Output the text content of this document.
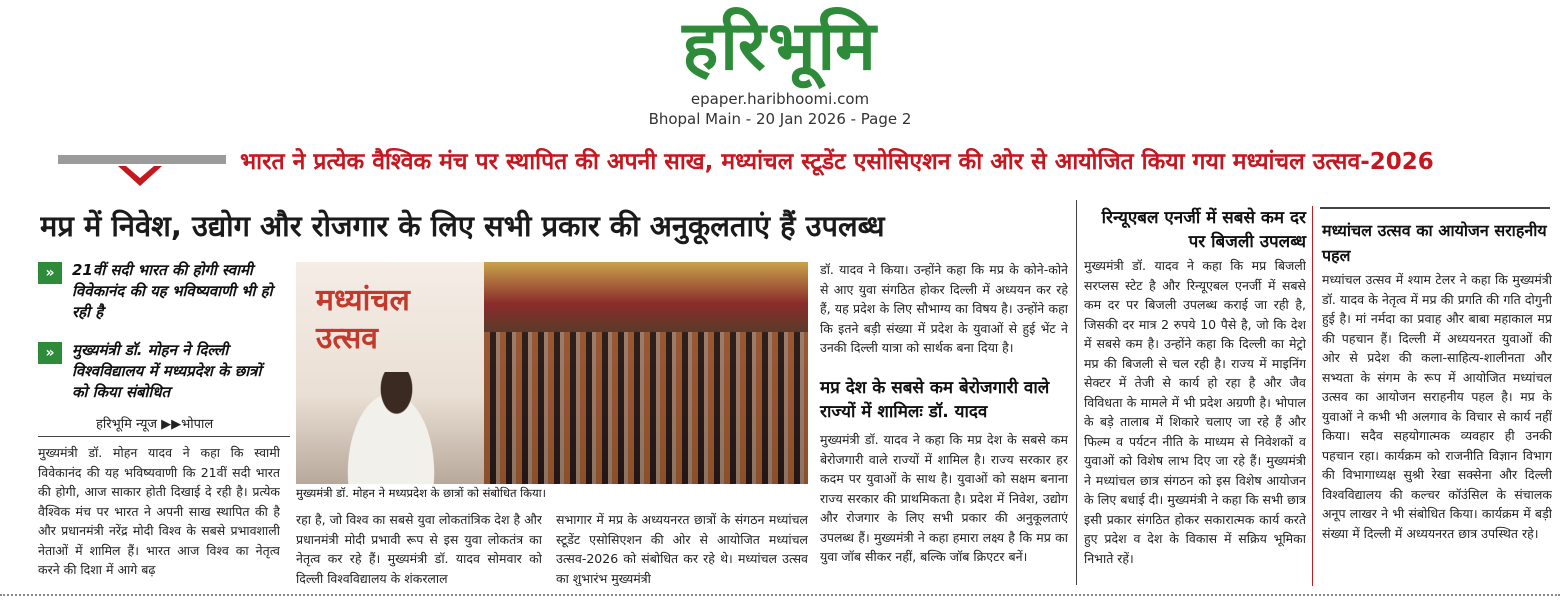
हरिभूमि
epaper.haribhoomi.com
Bhopal Main - 20 Jan 2026 - Page 2
भारत ने प्रत्येक वैश्विक मंच पर स्थापित की अपनी साख, मध्यांचल स्टूडेंट एसोसिएशन की ओर से आयोजित किया गया मध्यांचल उत्सव-2026
मप्र में निवेश, उद्योग और रोजगार के लिए सभी प्रकार की अनुकूलताएं हैं उपलब्ध
»	21वीं सदी भारत की होगी स्वामी विवेकानंद की यह भविष्यवाणी भी हो रही है
»	मुख्यमंत्री डॉ. मोहन ने दिल्ली विश्वविद्यालय में मध्यप्रदेश के छात्रों को किया संबोधित
हरिभूमि न्यूज ▶▶भोपाल
मध्यांचल उत्सव
मुख्यमंत्री डॉ. मोहन ने मध्यप्रदेश के छात्रों को संबोधित किया।
मुख्यमंत्री डॉ. मोहन यादव ने कहा कि स्वामी विवेकानंद की यह भविष्यवाणी कि 21वीं सदी भारत की होगी, आज साकार होती दिखाई दे रही है। प्रत्येक वैश्विक मंच पर भारत ने अपनी साख स्थापित की है और प्रधानमंत्री नरेंद्र मोदी विश्व के सबसे प्रभावशाली नेताओं में शामिल हैं। भारत आज विश्व का नेतृत्व करने की दिशा में आगे बढ़
रहा है, जो विश्व का सबसे युवा लोकतांत्रिक देश है और प्रधानमंत्री मोदी प्रभावी रूप से इस युवा लोकतंत्र का नेतृत्व कर रहे हैं। मुख्यमंत्री डॉ. यादव सोमवार को दिल्ली विश्वविद्यालय के शंकरलाल
सभागार में मप्र के अध्ययनरत छात्रों के संगठन मध्यांचल स्टूडेंट एसोसिएशन की ओर से आयोजित मध्यांचल उत्सव-2026 को संबोधित कर रहे थे। मध्यांचल उत्सव का शुभारंभ मुख्यमंत्री
डॉ. यादव ने किया। उन्होंने कहा कि मप्र के कोने-कोने से आए युवा संगठित होकर दिल्ली में अध्ययन कर रहे हैं, यह प्रदेश के लिए सौभाग्य का विषय है। उन्होंने कहा कि इतने बड़ी संख्या में प्रदेश के युवाओं से हुई भेंट ने उनकी दिल्ली यात्रा को सार्थक बना दिया है।
मप्र देश के सबसे कम बेरोजगारी वाले राज्यों में शामिलः डॉ. यादव
मुख्यमंत्री डॉ. यादव ने कहा कि मप्र देश के सबसे कम बेरोजगारी वाले राज्यों में शामिल है। राज्य सरकार हर कदम पर युवाओं के साथ है। युवाओं को सक्षम बनाना राज्य सरकार की प्राथमिकता है। प्रदेश में निवेश, उद्योग और रोजगार के लिए सभी प्रकार की अनुकूलताएं उपलब्ध हैं। मुख्यमंत्री ने कहा हमारा लक्ष्य है कि मप्र का युवा जॉब सीकर नहीं, बल्कि जॉब क्रिएटर बनें।
रिन्यूएबल एनर्जी में सबसे कम दर पर बिजली उपलब्ध
मुख्यमंत्री डॉ. यादव ने कहा कि मप्र बिजली सरप्लस स्टेट है और रिन्यूएबल एनर्जी में सबसे कम दर पर बिजली उपलब्ध कराई जा रही है, जिसकी दर मात्र 2 रुपये 10 पैसे है, जो कि देश में सबसे कम है। उन्होंने कहा कि दिल्ली का मेट्रो मप्र की बिजली से चल रही है। राज्य में माइनिंग सेक्टर में तेजी से कार्य हो रहा है और जैव विविधता के मामले में भी प्रदेश अग्रणी है। भोपाल के बड़े तालाब में शिकारे चलाए जा रहे हैं और फिल्म व पर्यटन नीति के माध्यम से निवेशकों व युवाओं को विशेष लाभ दिए जा रहे हैं। मुख्यमंत्री ने मध्यांचल छात्र संगठन को इस विशेष आयोजन के लिए बधाई दी। मुख्यमंत्री ने कहा कि सभी छात्र इसी प्रकार संगठित होकर सकारात्मक कार्य करते हुए प्रदेश व देश के विकास में सक्रिय भूमिका निभाते रहें।
मध्यांचल उत्सव का आयोजन सराहनीय पहल
मध्यांचल उत्सव में श्याम टेलर ने कहा कि मुख्यमंत्री डॉ. यादव के नेतृत्व में मप्र की प्रगति की गति दोगुनी हुई है। मां नर्मदा का प्रवाह और बाबा महाकाल मप्र की पहचान हैं। दिल्ली में अध्ययनरत युवाओं की ओर से प्रदेश की कला-साहित्य-शालीनता और सभ्यता के संगम के रूप में आयोजित मध्यांचल उत्सव का आयोजन सराहनीय पहल है। मप्र के युवाओं ने कभी भी अलगाव के विचार से कार्य नहीं किया। सदैव सहयोगात्मक व्यवहार ही उनकी पहचान रहा। कार्यक्रम को राजनीति विज्ञान विभाग की विभागाध्यक्ष सुश्री रेखा सक्सेना और दिल्ली विश्वविद्यालय की कल्चर कॉउंसिल के संचालक अनूप लाखर ने भी संबोधित किया। कार्यक्रम में बड़ी संख्या में दिल्ली में अध्ययनरत छात्र उपस्थित रहे।
